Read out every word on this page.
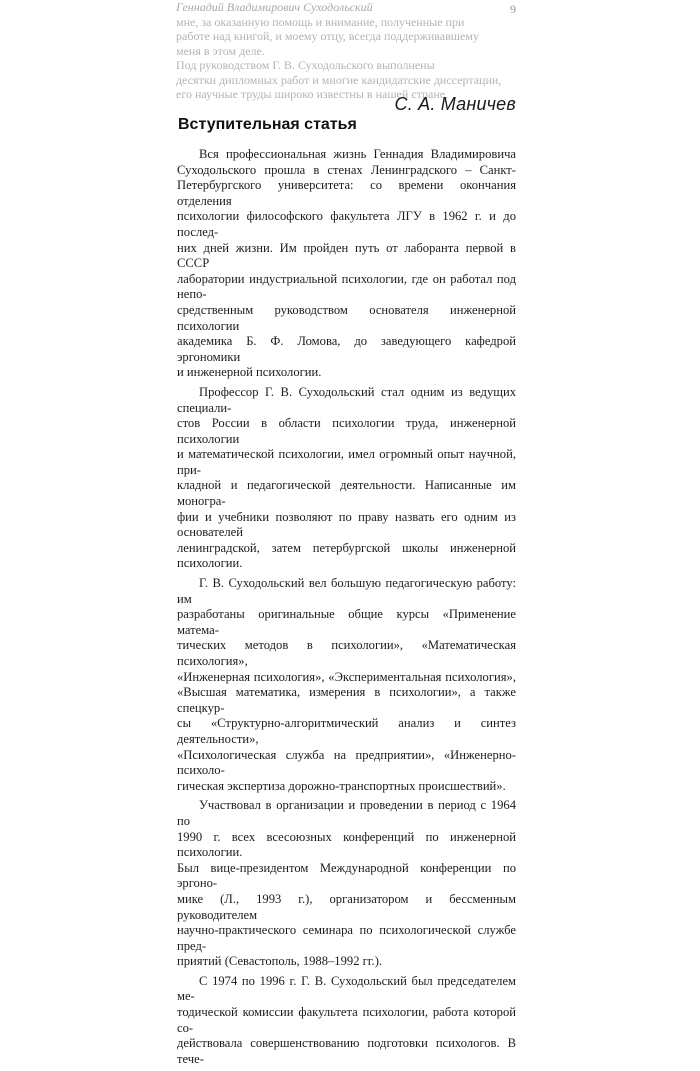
Геннадий Владимирович Суходольский	9

мне, за оказанную помощь и внимание, полученные при

работе над книгой, и моему отцу, всегда поддерживавшему

меня в этом деле.

Под руководством Г. В. Суходольского выполнены

десятки дипломных работ и многие кандидатские диссертации,

его научные труды широко известны в нашей стране.

С. А. Маничев
Вступительная статья

Вся профессиональная жизнь Геннадия Владимировича
Суходольского прошла в стенах Ленинградского – Санкт-
Петербургского университета: со времени окончания отделения
психологии философского факультета ЛГУ в 1962 г. и до послед-
них дней жизни. Им пройден путь от лаборанта первой в СССР
лаборатории индустриальной психологии, где он работал под непо-
средственным руководством основателя инженерной психологии
академика Б. Ф. Ломова, до заведующего кафедрой эргономики
и инженерной психологии.

Профессор Г. В. Суходольский стал одним из ведущих специали-
стов России в области психологии труда, инженерной психологии
и математической психологии, имел огромный опыт научной, при-
кладной и педагогической деятельности. Написанные им моногра-
фии и учебники позволяют по праву назвать его одним из основателей
ленинградской, затем петербургской школы инженерной психологии.

Г. В. Суходольский вел большую педагогическую работу: им
разработаны оригинальные общие курсы «Применение матема-
тических методов в психологии», «Математическая психология»,
«Инженерная психология», «Экспериментальная психология»,
«Высшая математика, измерения в психологии», а также спецкур-
сы «Структурно-алгоритмический анализ и синтез деятельности»,
«Психологическая служба на предприятии», «Инженерно-психоло-
гическая экспертиза дорожно-транспортных происшествий».

Участвовал в организации и проведении в период с 1964 по
1990 г. всех всесоюзных конференций по инженерной психологии.
Был вице-президентом Международной конференции по эргоно-
мике (Л., 1993 г.), организатором и бессменным руководителем
научно-практического семинара по психологической службе пред-
приятий (Севастополь, 1988–1992 гг.).

С 1974 по 1996 г. Г. В. Суходольский был председателем ме-
тодической комиссии факультета психологии, работа которой со-
действовала совершенствованию подготовки психологов. В тече-
